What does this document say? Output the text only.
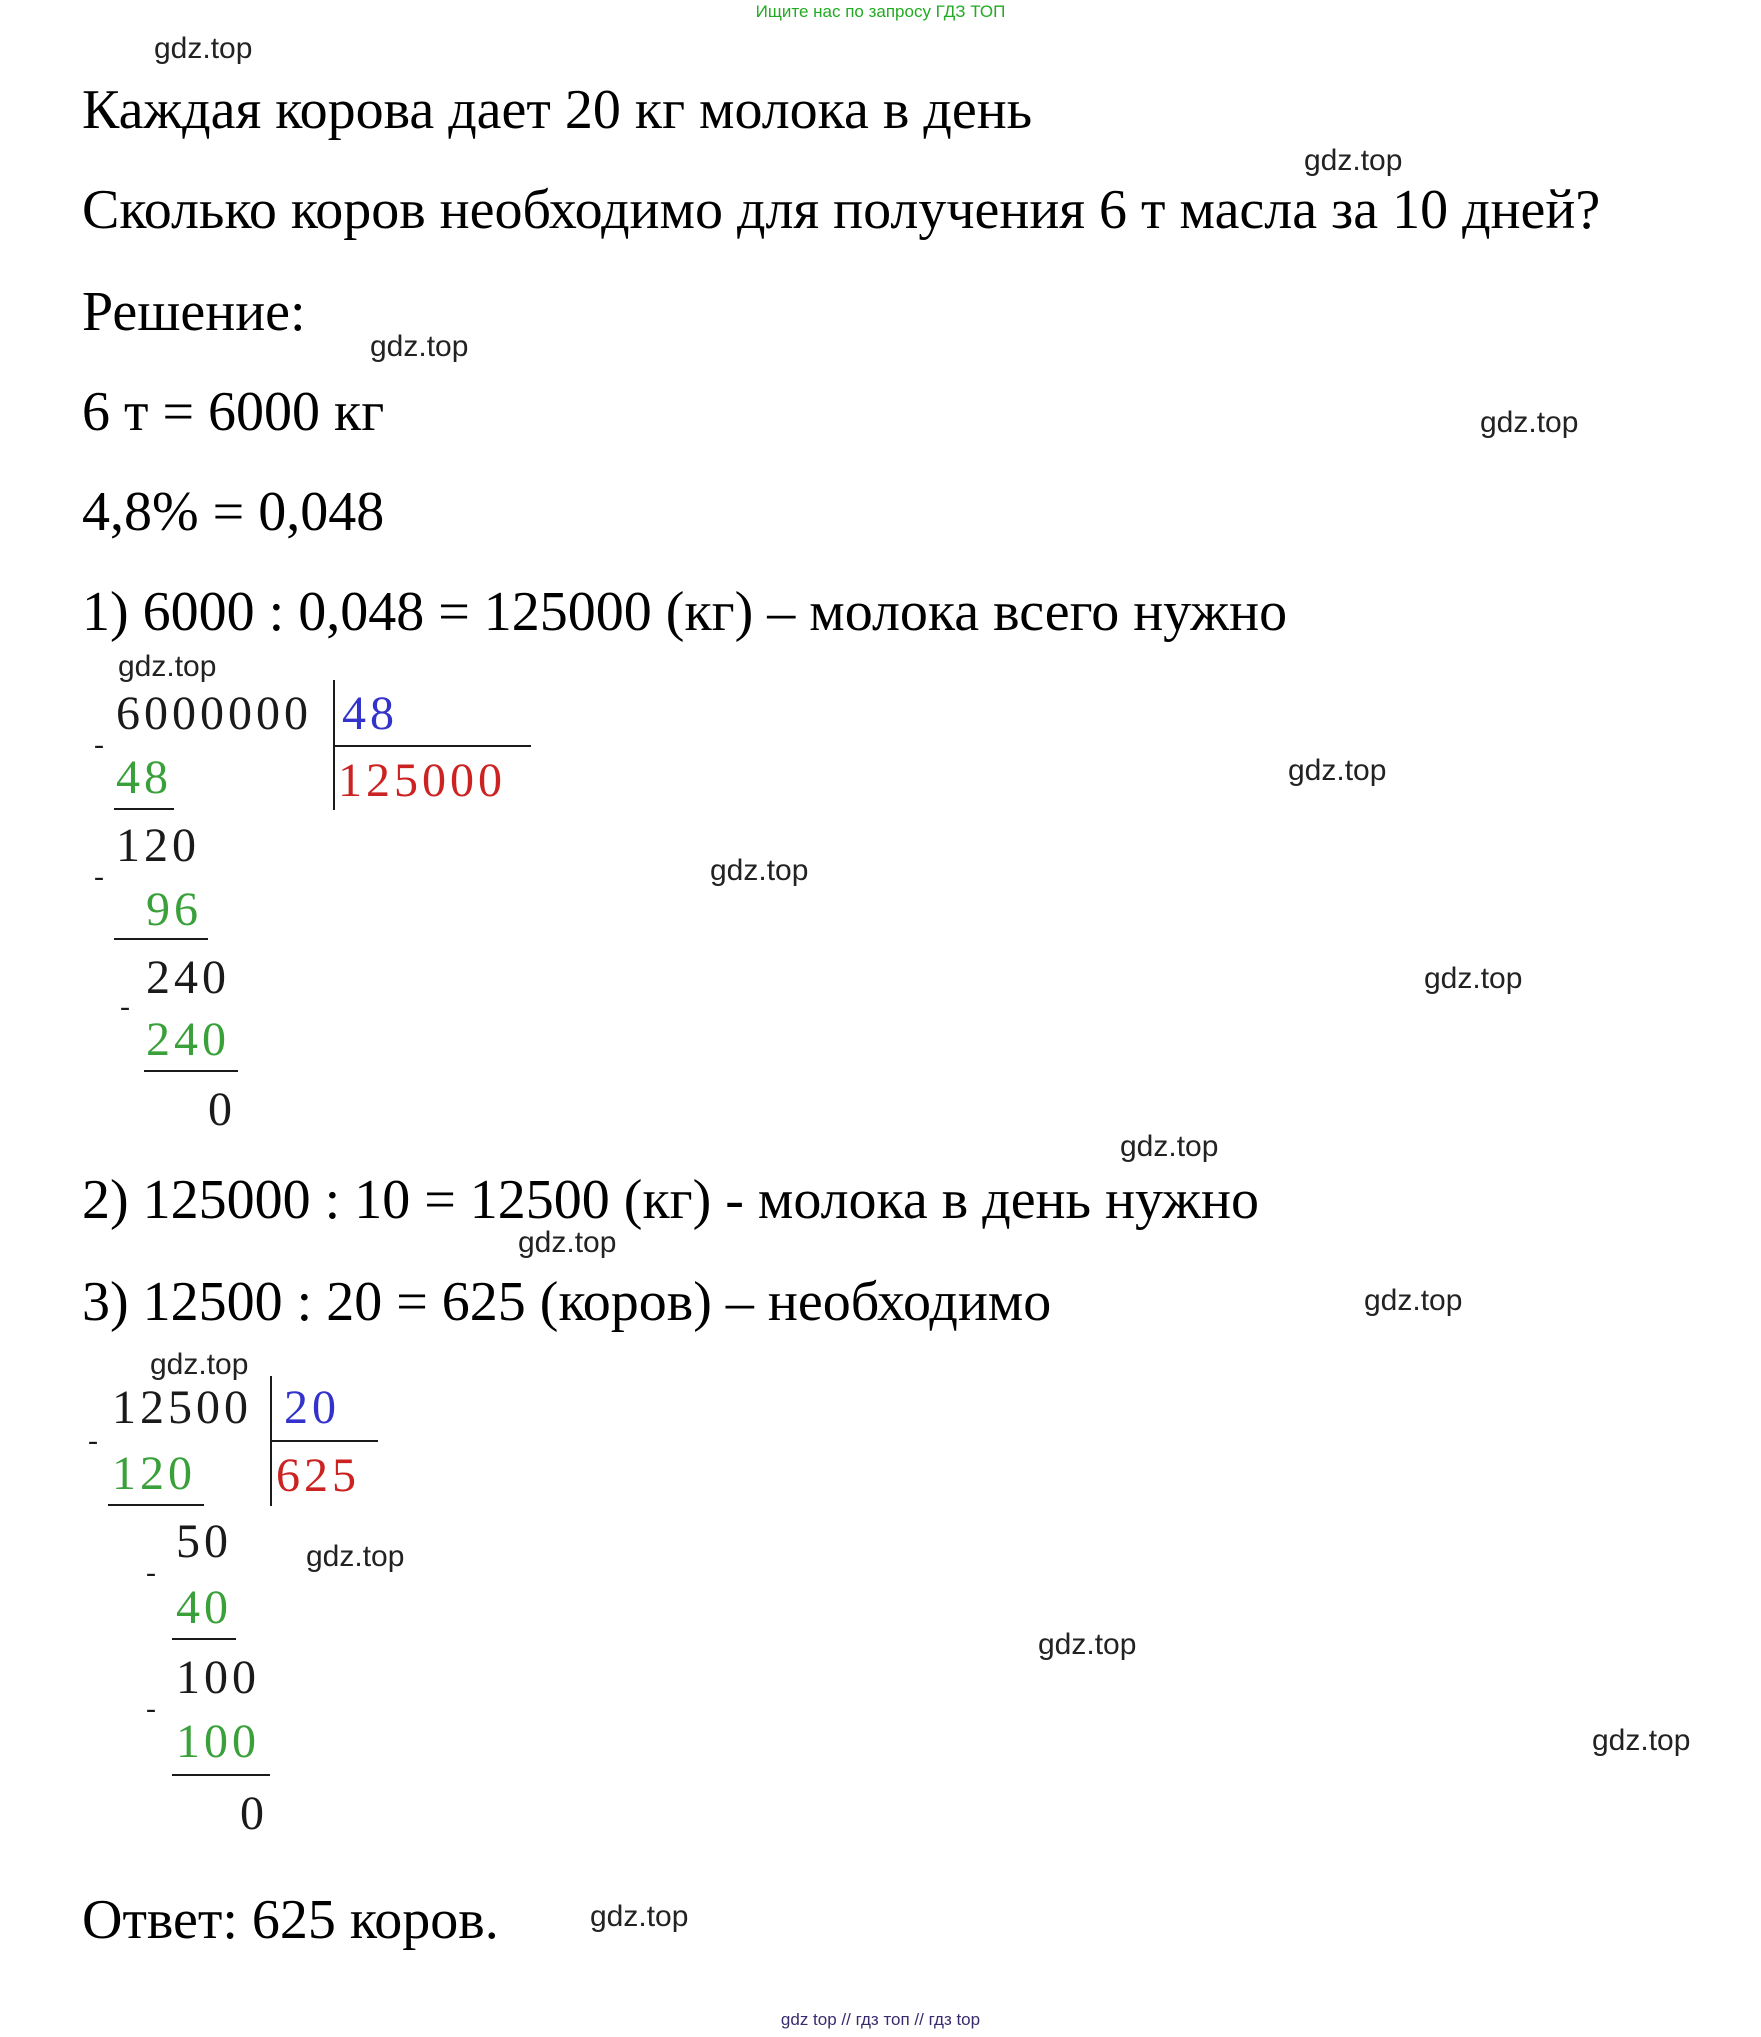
Ищите нас по запросу ГДЗ ТОП
gdz top // гдз топ // гдз top
Каждая корова дает 20 кг молока в день
Сколько коров необходимо для получения 6 т масла за 10 дней?
Решение:
6 т = 6000 кг
4,8% = 0,048
1) 6000 : 0,048 = 125000 (кг) – молока всего нужно
6000000 48
125000
-
48
120
-
96
240
-
240
0
2) 125000 : 10 = 12500 (кг) - молока в день нужно
3) 12500 : 20 = 625 (коров) – необходимо
12500 20
625
-
120
50
-
40
100
-
100
0
Ответ: 625 коров.
gdz.top
gdz.top
gdz.top
gdz.top
gdz.top
gdz.top
gdz.top
gdz.top
gdz.top
gdz.top
gdz.top
gdz.top
gdz.top
gdz.top
gdz.top
gdz.top
